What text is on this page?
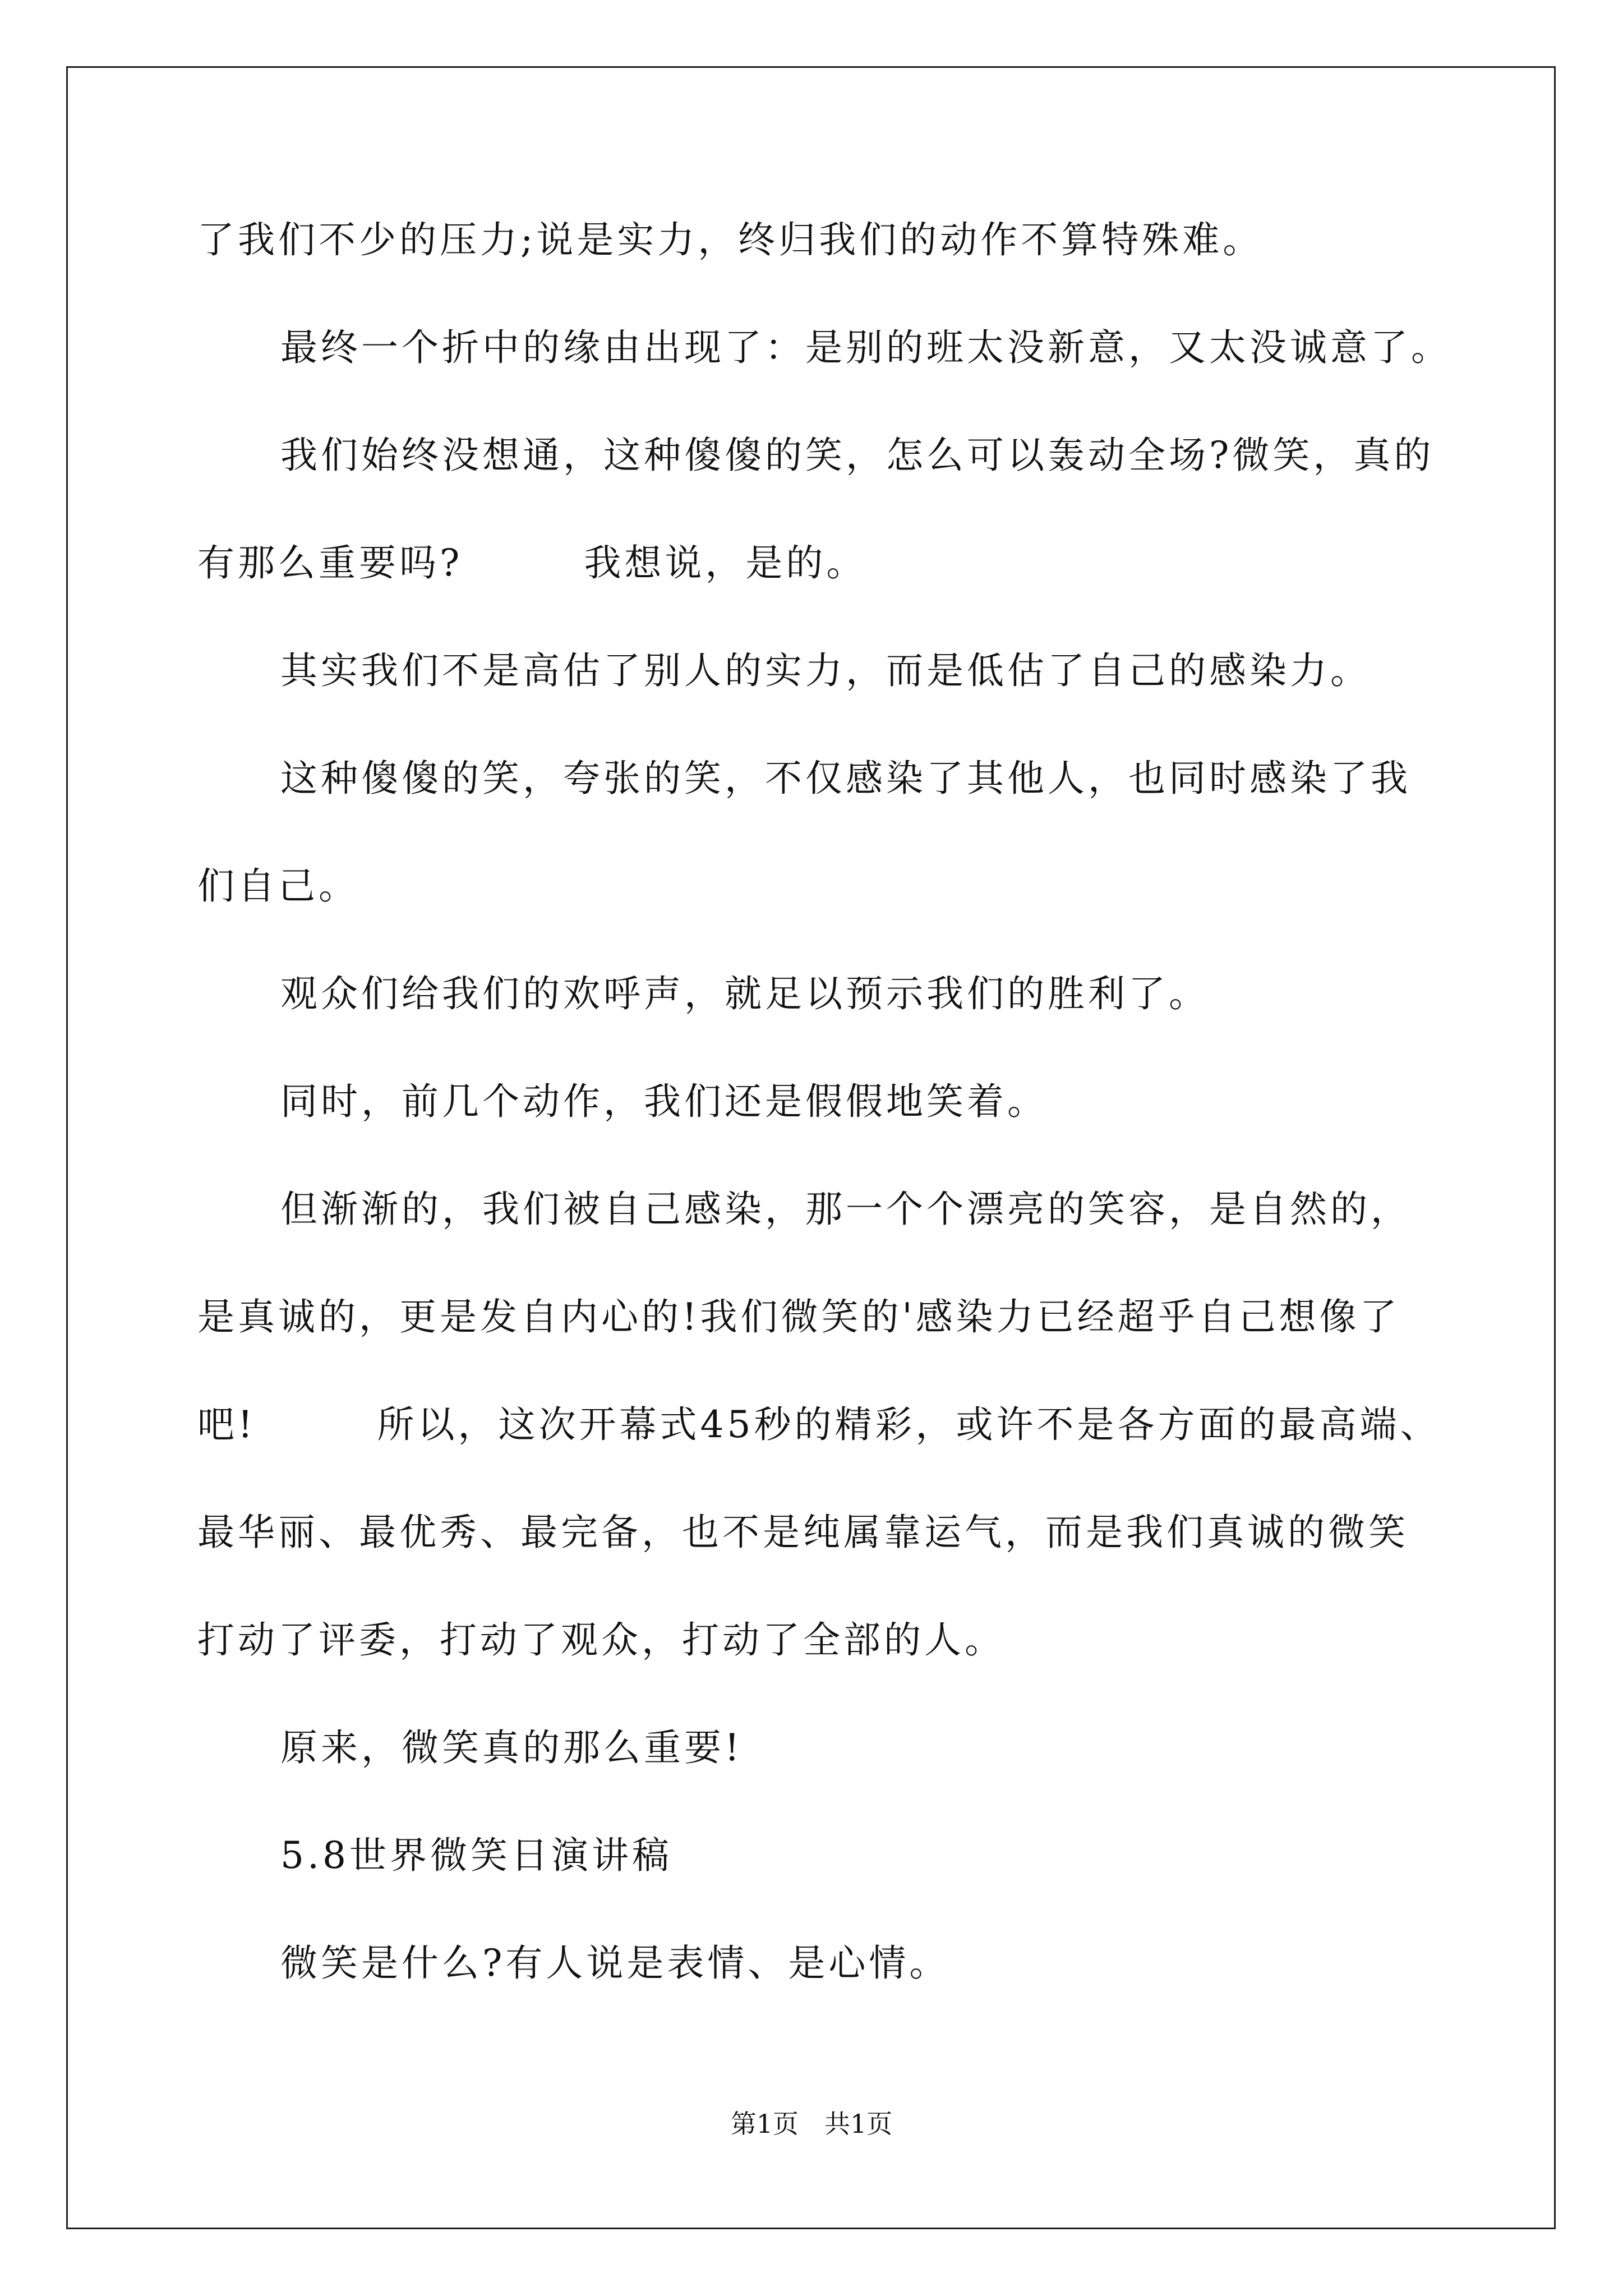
了我们不少的压力;说是实力，终归我们的动作不算特殊难。
最终一个折中的缘由出现了：是别的班太没新意，又太没诚意了。
我们始终没想通，这种傻傻的笑，怎么可以轰动全场?微笑，真的
有那么重要吗?　　　我想说，是的。
其实我们不是高估了别人的实力，而是低估了自己的感染力。
这种傻傻的笑，夸张的笑，不仅感染了其他人，也同时感染了我
们自己。
观众们给我们的欢呼声，就足以预示我们的胜利了。
同时，前几个动作，我们还是假假地笑着。
但渐渐的，我们被自己感染，那一个个漂亮的笑容，是自然的，
是真诚的，更是发自内心的!我们微笑的'感染力已经超乎自己想像了
吧!　　　所以，这次开幕式45秒的精彩，或许不是各方面的最高端、
最华丽、最优秀、最完备，也不是纯属靠运气，而是我们真诚的微笑
打动了评委，打动了观众，打动了全部的人。
原来，微笑真的那么重要!
5.8世界微笑日演讲稿
微笑是什么?有人说是表情、是心情。
第1页　共1页
